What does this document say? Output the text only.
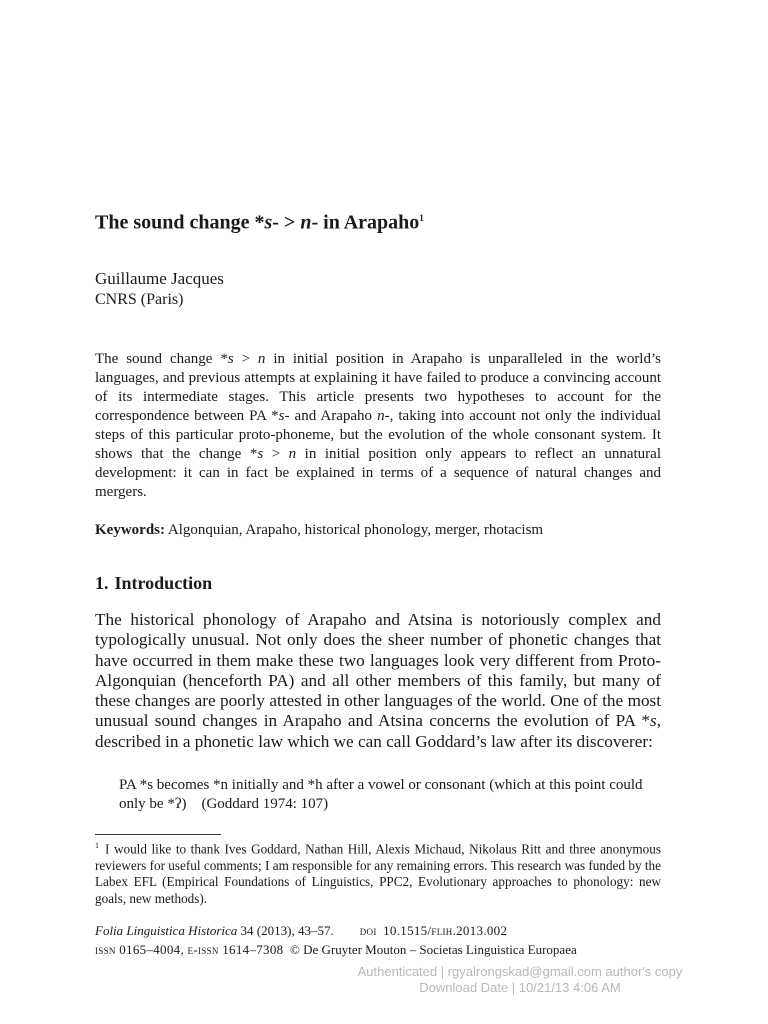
The sound change *s- > n- in Arapaho$^1$
Guillaume Jacques
CNRS (Paris)

The sound change *s > n in initial position in Arapaho is unparalleled in the world’s languages, and previous attempts at explaining it have failed to produce a convincing account of its intermediate stages. This article presents two hypotheses to account for the correspondence between PA *s- and Arapaho n-, taking into account not only the individual steps of this particular proto-phoneme, but the evolution of the whole consonant system. It shows that the change *s > n in initial position only appears to reflect an unnatural development: it can in fact be explained in terms of a sequence of natural changes and mergers.

Keywords: Algonquian, Arapaho, historical phonology, merger, rhotacism

1. Introduction

The historical phonology of Arapaho and Atsina is notoriously complex and typologically unusual. Not only does the sheer number of phonetic changes that have occurred in them make these two languages look very different from Proto-Algonquian (henceforth PA) and all other members of this family, but many of these changes are poorly attested in other languages of the world. One of the most unusual sound changes in Arapaho and Atsina concerns the evolution of PA *s, described in a phonetic law which we can call Goddard’s law after its discoverer:

PA *s becomes *n initially and *h after a vowel or consonant (which at this point could only be *ʔ) (Goddard 1974: 107)

$^1$ I would like to thank Ives Goddard, Nathan Hill, Alexis Michaud, Nikolaus Ritt and three anonymous reviewers for useful comments; I am responsible for any remaining errors. This research was funded by the Labex EFL (Empirical Foundations of Linguistics, PPC2, Evolutionary approaches to phonology: new goals, new methods).

Folia Linguistica Historica 34 (2013), 43–57. doi 10.1515/flih.2013.002

issn 0165–4004, e-issn 1614–7308 © De Gruyter Mouton – Societas Linguistica Europaea

Authenticated | rgyalrongskad@gmail.com author's copy
Download Date | 10/21/13 4:06 AM
